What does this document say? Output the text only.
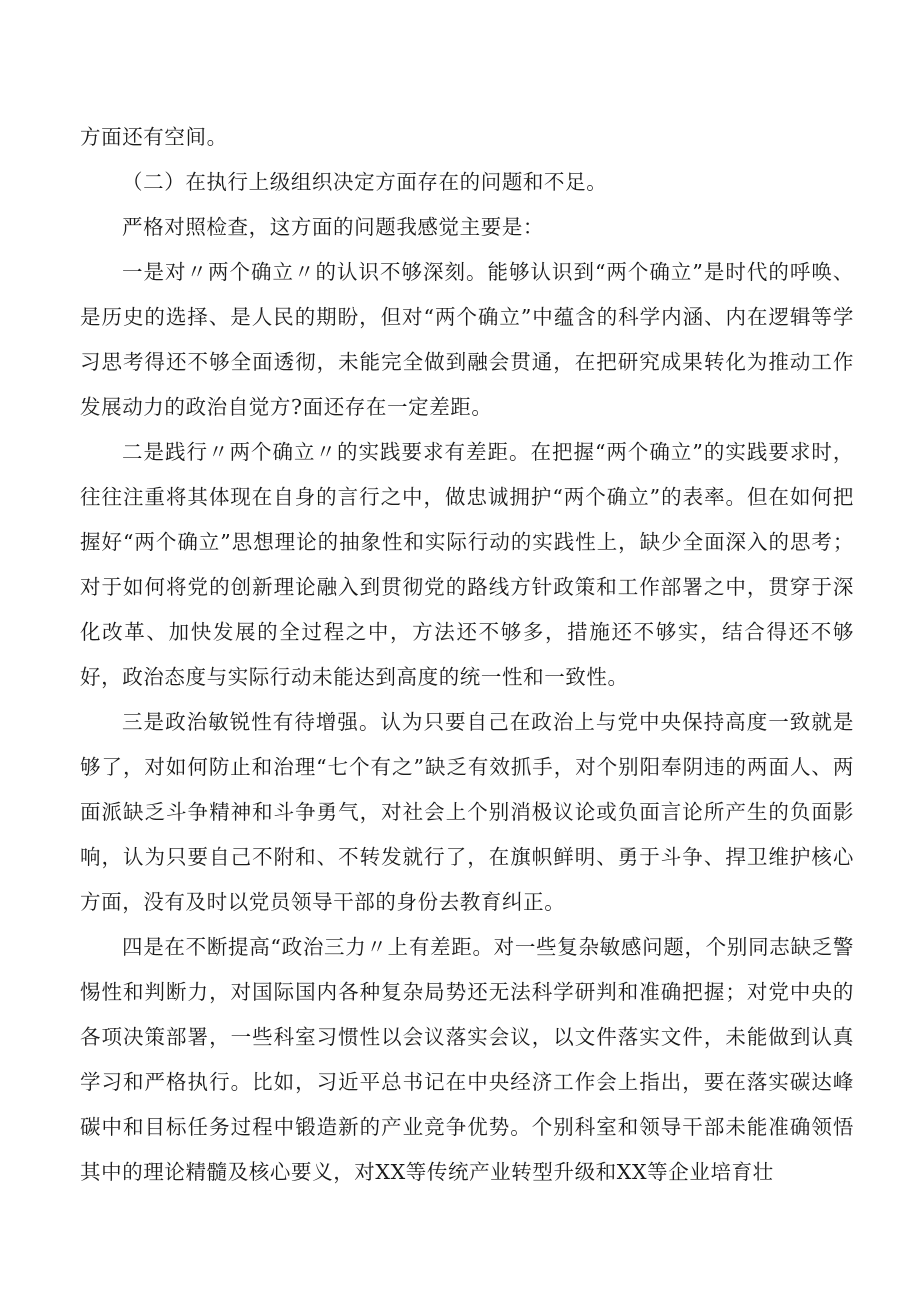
方面还有空间。

（二）在执行上级组织决定方面存在的问题和不足。

严格对照检查，这方面的问题我感觉主要是：

一是对〃两个确立〃的认识不够深刻。能够认识到“两个确立”是时代的呼唤、是历史的选择、是人民的期盼，但对“两个确立”中蕴含的科学内涵、内在逻辑等学习思考得还不够全面透彻，未能完全做到融会贯通，在把研究成果转化为推动工作发展动力的政治自觉方?面还存在一定差距。

二是践行〃两个确立〃的实践要求有差距。在把握“两个确立”的实践要求时，往往注重将其体现在自身的言行之中，做忠诚拥护“两个确立”的表率。但在如何把握好“两个确立”思想理论的抽象性和实际行动的实践性上，缺少全面深入的思考；对于如何将党的创新理论融入到贯彻党的路线方针政策和工作部署之中，贯穿于深化改革、加快发展的全过程之中，方法还不够多，措施还不够实，结合得还不够好，政治态度与实际行动未能达到高度的统一性和一致性。

三是政治敏锐性有待增强。认为只要自己在政治上与党中央保持高度一致就是够了，对如何防止和治理“七个有之”缺乏有效抓手，对个别阳奉阴违的两面人、两面派缺乏斗争精神和斗争勇气，对社会上个别消极议论或负面言论所产生的负面影响，认为只要自己不附和、不转发就行了，在旗帜鲜明、勇于斗争、捍卫维护核心方面，没有及时以党员领导干部的身份去教育纠正。

四是在不断提高“政治三力〃上有差距。对一些复杂敏感问题，个别同志缺乏警惕性和判断力，对国际国内各种复杂局势还无法科学研判和准确把握；对党中央的各项决策部署，一些科室习惯性以会议落实会议，以文件落实文件，未能做到认真学习和严格执行。比如，习近平总书记在中央经济工作会上指出，要在落实碳达峰碳中和目标任务过程中锻造新的产业竞争优势。个别科室和领导干部未能准确领悟其中的理论精髓及核心要义，对XX等传统产业转型升级和XX等企业培育壮
